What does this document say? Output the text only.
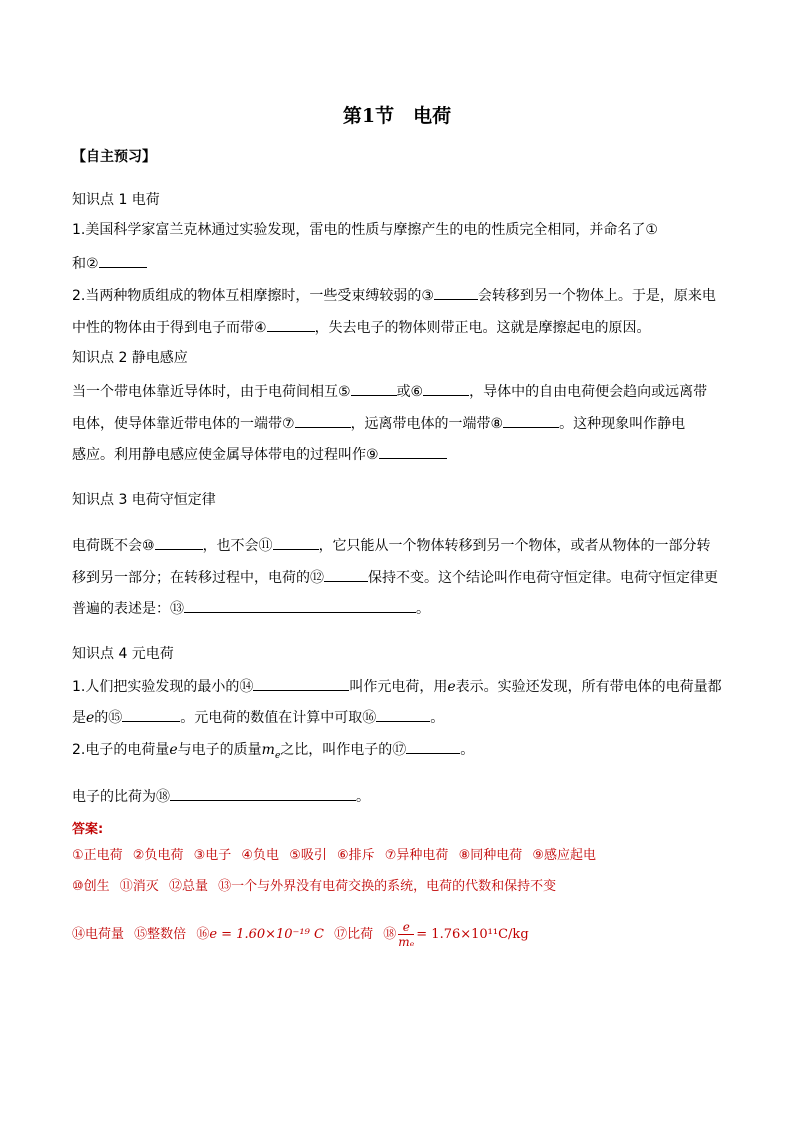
第1节　电荷
【自主预习】
知识点 1 电荷
1.美国科学家富兰克林通过实验发现，雷电的性质与摩擦产生的电的性质完全相同，并命名了①
和②
2.当两种物质组成的物体互相摩擦时，一些受束缚较弱的③	会转移到另一个物体上。于是，原来电
中性的物体由于得到电子而带④	，失去电子的物体则带正电。这就是摩擦起电的原因。
知识点 2 静电感应
当一个带电体靠近导体时，由于电荷间相互⑤	或⑥	，导体中的自由电荷便会趋向或远离带
电体，使导体靠近带电体的一端带⑦	，远离带电体的一端带⑧	。这种现象叫作静电
感应。利用静电感应使金属导体带电的过程叫作⑨
知识点 3 电荷守恒定律
电荷既不会⑩	，也不会⑪	，它只能从一个物体转移到另一个物体，或者从物体的一部分转
移到另一部分；在转移过程中，电荷的⑫	保持不变。这个结论叫作电荷守恒定律。电荷守恒定律更
普遍的表述是：⑬	。
知识点 4 元电荷
1.人们把实验发现的最小的⑭	叫作元电荷，用e表示。实验还发现，所有带电体的电荷量都
是e的⑮	。元电荷的数值在计算中可取⑯	。
2.电子的电荷量e与电子的质量$m_e$之比，叫作电子的⑰	。
电子的比荷为⑱	。
答案:
①正电荷 ②负电荷 ③电子 ④负电 ⑤吸引 ⑥排斥 ⑦异种电荷 ⑧同种电荷 ⑨感应起电
⑩创生 ⑪消灭 ⑫总量 ⑬一个与外界没有电荷交换的系统，电荷的代数和保持不变
⑭电荷量 ⑮整数倍 ⑯e = 1.60×10⁻¹⁹ C ⑰比荷 ⑱ $\frac{e}{\text{mₑ}} = 1.76\times 10^{11}C/kg$
